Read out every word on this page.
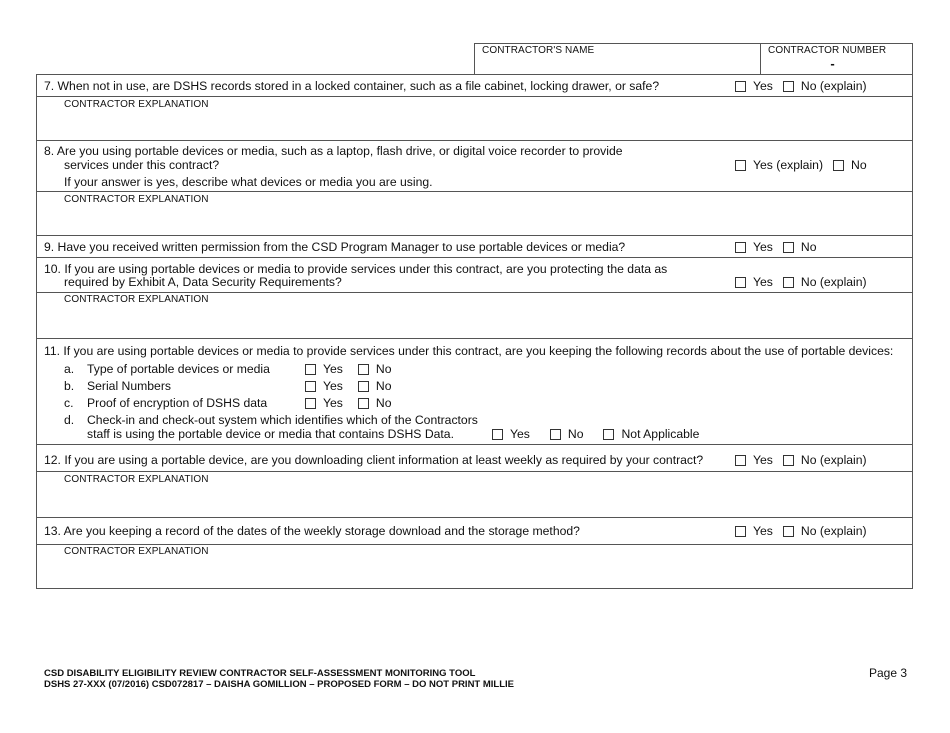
CONTRACTOR'S NAME	CONTRACTOR NUMBER
-
7. When not in use, are DSHS records stored in a locked container, such as a file cabinet, locking drawer, or safe?	Yes No (explain)
CONTRACTOR EXPLANATION
8. Are you using portable devices or media, such as a laptop, flash drive, or digital voice recorder to provide
services under this contract?
If your answer is yes, describe what devices or media you are using.
Yes (explain) No
CONTRACTOR EXPLANATION
9. Have you received written permission from the CSD Program Manager to use portable devices or media?	Yes No
10. If you are using portable devices or media to provide services under this contract, are you protecting the data as
required by Exhibit A, Data Security Requirements?	Yes No (explain)
CONTRACTOR EXPLANATION
11. If you are using portable devices or media to provide services under this contract, are you keeping the following records about the use of portable devices:
a. Type of portable devices or media	Yes	No
b. Serial Numbers	Yes	No
c. Proof of encryption of DSHS data	Yes	No
d. Check-in and check-out system which identifies which of the Contractors
staff is using the portable device or media that contains DSHS Data.	Yes	No	Not Applicable
12. If you are using a portable device, are you downloading client information at least weekly as required by your contract?	Yes No (explain)
CONTRACTOR EXPLANATION
13. Are you keeping a record of the dates of the weekly storage download and the storage method?	Yes No (explain)
CONTRACTOR EXPLANATION
CSD DISABILITY ELIGIBILITY REVIEW CONTRACTOR SELF-ASSESSMENT MONITORING TOOL
DSHS 27-XXX (07/2016) CSD072817 – DAISHA GOMILLION – PROPOSED FORM – DO NOT PRINT MILLIE
Page 3
